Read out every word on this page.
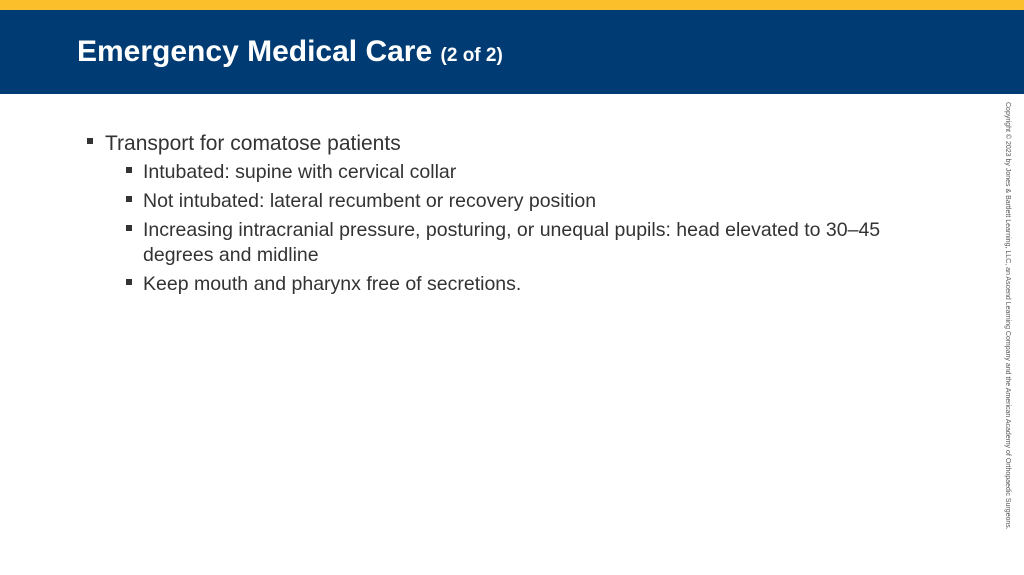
Emergency Medical Care (2 of 2)
Transport for comatose patients
Intubated: supine with cervical collar
Not intubated: lateral recumbent or recovery position
Increasing intracranial pressure, posturing, or unequal pupils: head elevated to 30–45 degrees and midline
Keep mouth and pharynx free of secretions.	Copyright © 2023 by Jones & Bartlett Learning, LLC, an Ascend Learning Company and the American Academy of Orthopaedic Surgeons.
